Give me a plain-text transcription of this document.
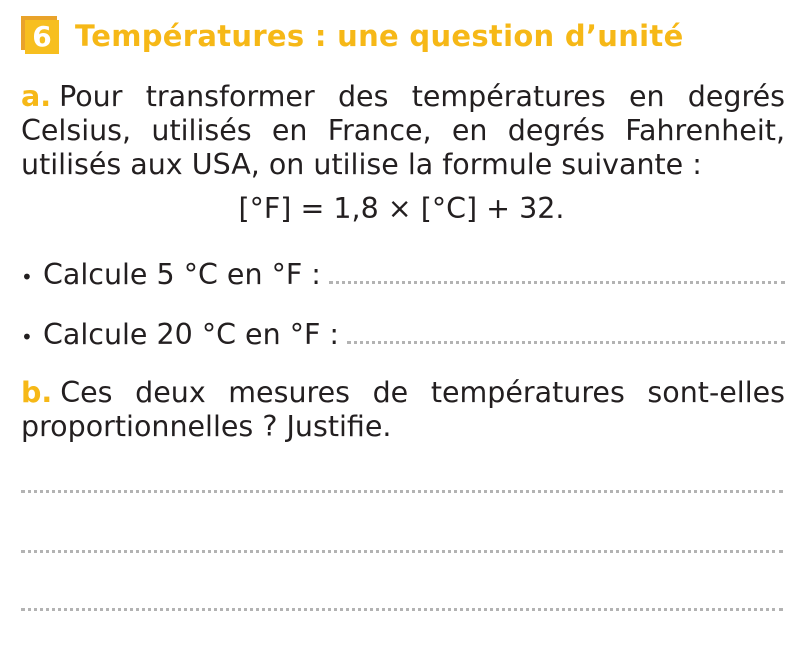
6 Températures : une question d’unité
a. Pour transformer des températures en degrés
Celsius, utilisés en France, en degrés Fahrenheit,
utilisés aux USA, on utilise la formule suivante :
[°F] = 1,8 × [°C] + 32.
• Calcule 5 °C en °F :
• Calcule 20 °C en °F :
b. Ces deux mesures de températures sont-elles
proportionnelles ? Justifie.
